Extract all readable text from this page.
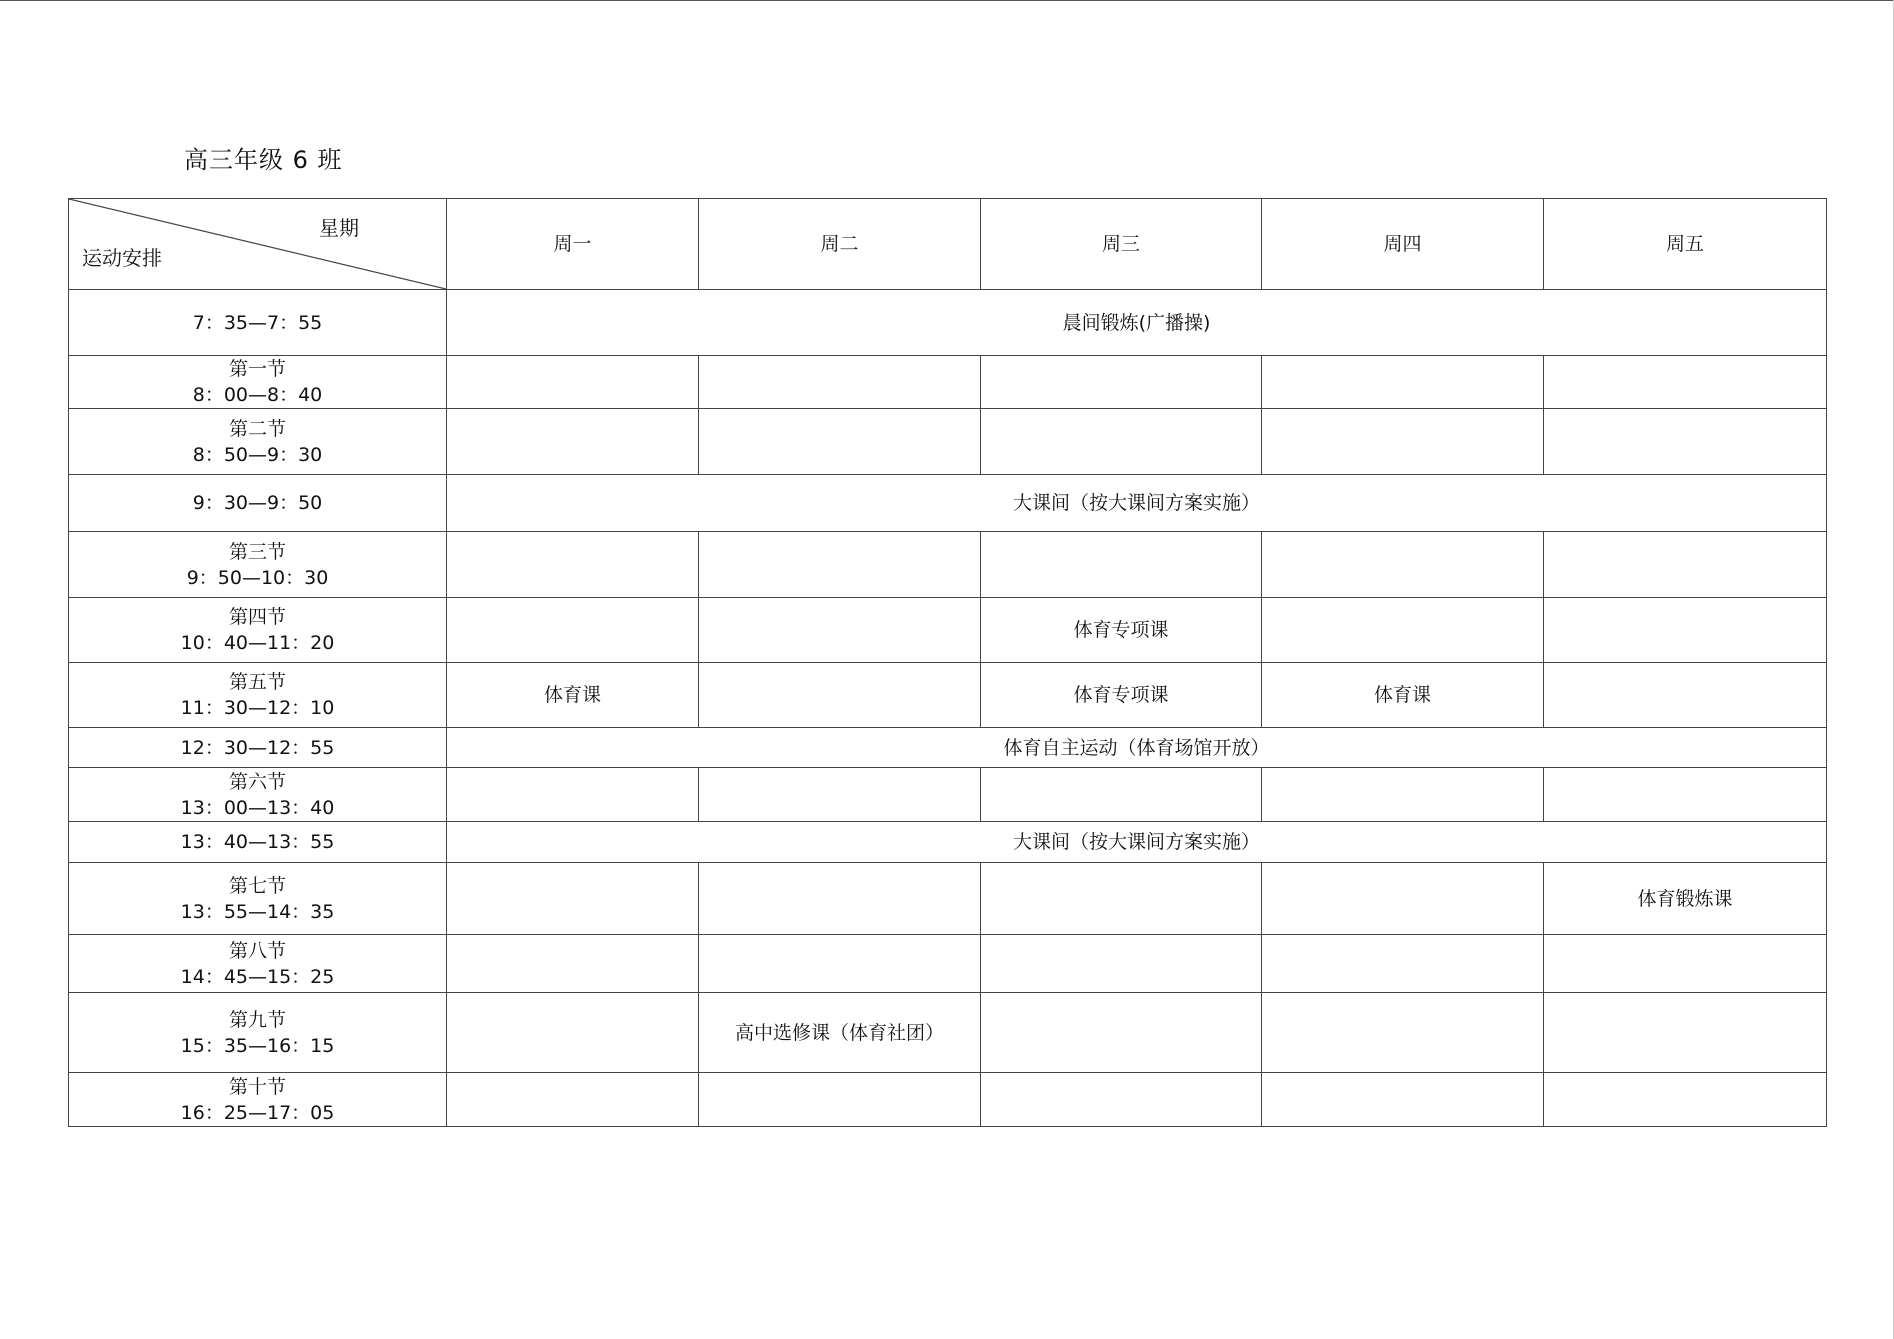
高三年级 6 班
星期
运动安排	周一	周二	周三	周四	周五

7：35—7：55	晨间锻炼(广播操)				

第一节
8：00—8：40					

第二节
8：50—9：30					

9：30—9：50	大课间（按大课间方案实施）				

第三节
9：50—10：30					

第四节
10：40—11：20			体育专项课		

第五节
11：30—12：10	体育课		体育专项课	体育课	

12：30—12：55	体育自主运动（体育场馆开放）				

第六节
13：00—13：40					

13：40—13：55	大课间（按大课间方案实施）				

第七节
13：55—14：35					体育锻炼课

第八节
14：45—15：25					

第九节
15：35—16：15		高中选修课（体育社团）			

第十节
16：25—17：05					
